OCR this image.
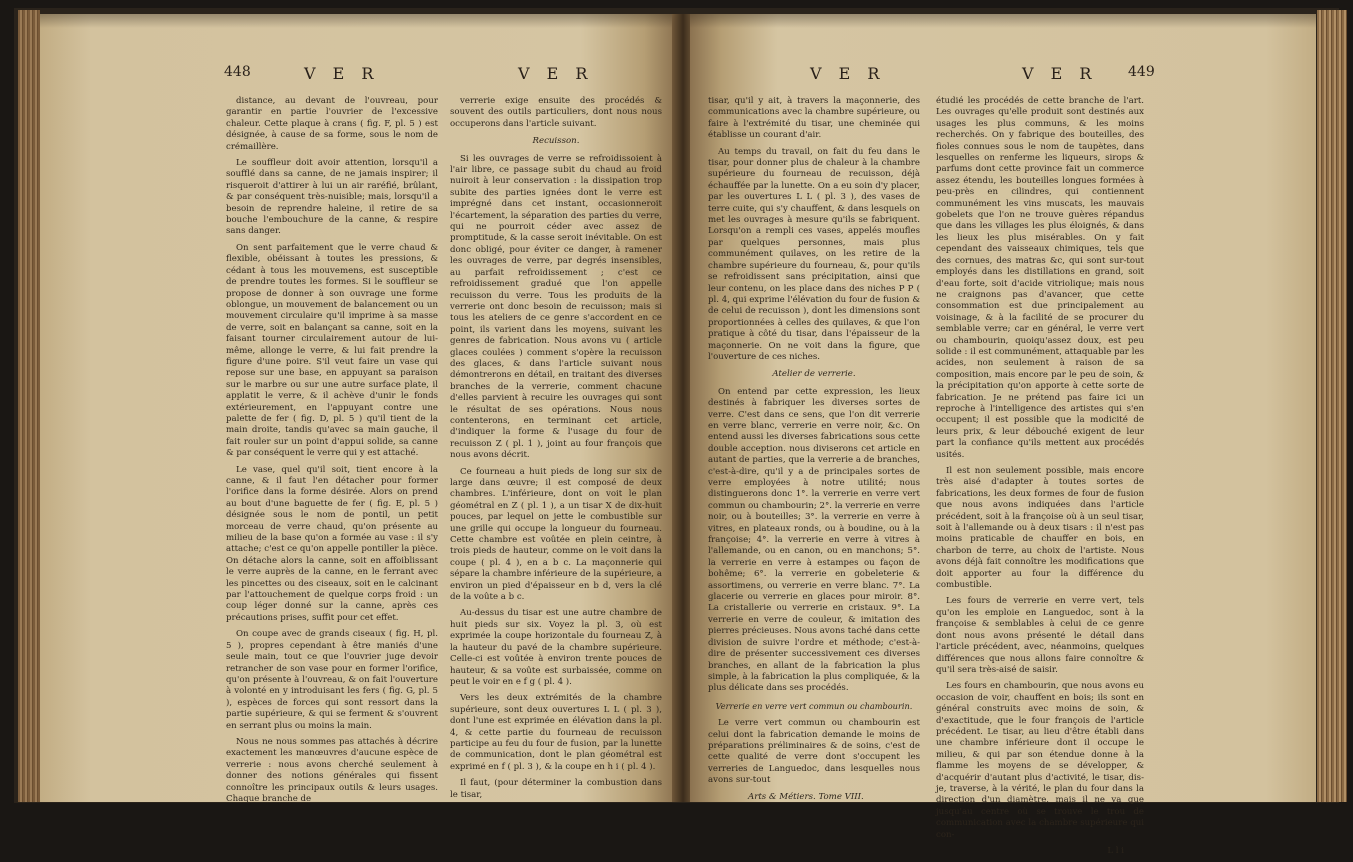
448	V E R	V E R

distance, au devant de l'ouvreau, pour garantir en partie l'ouvrier de l'excessive chaleur. Cette plaque à crans ( fig. F, pl. 5 ) est désignée, à cause de sa forme, sous le nom de crémaillère.

Le souffleur doit avoir attention, lorsqu'il a soufflé dans sa canne, de ne jamais inspirer; il risqueroit d'attirer à lui un air raréfié, brûlant, & par conséquent très-nuisible; mais, lorsqu'il a besoin de reprendre haleine, il retire de sa bouche l'embouchure de la canne, & respire sans danger.

On sent parfaitement que le verre chaud & flexible, obéissant à toutes les pressions, & cédant à tous les mouvemens, est susceptible de prendre toutes les formes. Si le souffleur se propose de donner à son ouvrage une forme oblongue, un mouvement de balancement ou un mouvement circulaire qu'il imprime à sa masse de verre, soit en balançant sa canne, soit en la faisant tourner circulairement autour de lui-même, allonge le verre, & lui fait prendre la figure d'une poire. S'il veut faire un vase qui repose sur une base, en appuyant sa paraison sur le marbre ou sur une autre surface plate, il applatit le verre, & il achève d'unir le fonds extérieurement, en l'appuyant contre une palette de fer ( fig. D, pl. 5 ) qu'il tient de la main droite, tandis qu'avec sa main gauche, il fait rouler sur un point d'appui solide, sa canne & par conséquent le verre qui y est attaché.

Le vase, quel qu'il soit, tient encore à la canne, & il faut l'en détacher pour former l'orifice dans la forme désirée. Alors on prend au bout d'une baguette de fer ( fig. E, pl. 5 ) désignée sous le nom de pontil, un petit morceau de verre chaud, qu'on présente au milieu de la base qu'on a formée au vase : il s'y attache; c'est ce qu'on appelle pontiller la pièce. On détache alors la canne, soit en affoiblissant le verre auprès de la canne, en le ferrant avec les pincettes ou des ciseaux, soit en le calcinant par l'attouchement de quelque corps froid : un coup léger donné sur la canne, après ces précautions prises, suffit pour cet effet.

On coupe avec de grands ciseaux ( fig. H, pl. 5 ), propres cependant à être maniés d'une seule main, tout ce que l'ouvrier juge devoir retrancher de son vase pour en former l'orifice, qu'on présente à l'ouvreau, & on fait l'ouverture à volonté en y introduisant les fers ( fig. G, pl. 5 ), espèces de forces qui sont ressort dans la partie supérieure, & qui se ferment & s'ouvrent en serrant plus ou moins la main.

Nous ne nous sommes pas attachés à décrire exactement les manœuvres d'aucune espèce de verrerie : nous avons cherché seulement à donner des notions générales qui fissent connoître les principaux outils & leurs usages. Chaque branche de

verrerie exige ensuite des procédés & souvent des outils particuliers, dont nous nous occuperons dans l'article suivant.

Recuisson.

Si les ouvrages de verre se refroidissoient à l'air libre, ce passage subit du chaud au froid nuiroit à leur conservation : la dissipation trop subite des parties ignées dont le verre est imprégné dans cet instant, occasionneroit l'écartement, la séparation des parties du verre, qui ne pourroit céder avec assez de promptitude, & la casse seroit inévitable. On est donc obligé, pour éviter ce danger, à ramener les ouvrages de verre, par degrés insensibles, au parfait refroidissement ; c'est ce refroidissement gradué que l'on appelle recuisson du verre. Tous les produits de la verrerie ont donc besoin de recuisson; mais si tous les ateliers de ce genre s'accordent en ce point, ils varient dans les moyens, suivant les genres de fabrication. Nous avons vu ( article glaces coulées ) comment s'opère la recuisson des glaces, & dans l'article suivant nous démontrerons en détail, en traitant des diverses branches de la verrerie, comment chacune d'elles parvient à recuire les ouvrages qui sont le résultat de ses opérations. Nous nous contenterons, en terminant cet article, d'indiquer la forme & l'usage du four de recuisson Z ( pl. 1 ), joint au four françois que nous avons décrit.

Ce fourneau a huit pieds de long sur six de large dans œuvre; il est composé de deux chambres. L'inférieure, dont on voit le plan géométral en Z ( pl. 1 ), a un tisar X de dix-huit pouces, par lequel on jette le combustible sur une grille qui occupe la longueur du fourneau. Cette chambre est voûtée en plein ceintre, à trois pieds de hauteur, comme on le voit dans la coupe ( pl. 4 ), en a b c. La maçonnerie qui sépare la chambre inférieure de la supérieure, a environ un pied d'épaisseur en b d, vers la clé de la voûte a b c.

Au-dessus du tisar est une autre chambre de huit pieds sur six. Voyez la pl. 3, où est exprimée la coupe horizontale du fourneau Z, à la hauteur du pavé de la chambre supérieure. Celle-ci est voûtée à environ trente pouces de hauteur, & sa voûte est surbaissée, comme on peut le voir en e f g ( pl. 4 ).

Vers les deux extrémités de la chambre supérieure, sont deux ouvertures L L ( pl. 3 ), dont l'une est exprimée en élévation dans la pl. 4, & cette partie du fourneau de recuisson participe au feu du four de fusion, par la lunette de communication, dont le plan géométral est exprimé en f ( pl. 3 ), & la coupe en h i ( pl. 4 ).

Il faut, (pour déterminer la combustion dans le tisar,

V E R	V E R 449

tisar, qu'il y ait, à travers la maçonnerie, des communications avec la chambre supérieure, ou faire à l'extrémité du tisar, une cheminée qui établisse un courant d'air.

Au temps du travail, on fait du feu dans le tisar, pour donner plus de chaleur à la chambre supérieure du fourneau de recuisson, déjà échauffée par la lunette. On a eu soin d'y placer, par les ouvertures L L ( pl. 3 ), des vases de terre cuite, qui s'y chauffent, & dans lesquels on met les ouvrages à mesure qu'ils se fabriquent. Lorsqu'on a rempli ces vases, appelés moufles par quelques personnes, mais plus communément quilaves, on les retire de la chambre supérieure du fourneau, &, pour qu'ils se refroidissent sans précipitation, ainsi que leur contenu, on les place dans des niches P P ( pl. 4, qui exprime l'élévation du four de fusion & de celui de recuisson ), dont les dimensions sont proportionnées à celles des quilaves, & que l'on pratique à côté du tisar, dans l'épaisseur de la maçonnerie. On ne voit dans la figure, que l'ouverture de ces niches.

Atelier de verrerie.

On entend par cette expression, les lieux destinés à fabriquer les diverses sortes de verre. C'est dans ce sens, que l'on dit verrerie en verre blanc, verrerie en verre noir, &c. On entend aussi les diverses fabrications sous cette double acception. nous diviserons cet article en autant de parties, que la verrerie a de branches, c'est-à-dire, qu'il y a de principales sortes de verre employées à notre utilité; nous distinguerons donc 1°. la verrerie en verre vert commun ou chambourin; 2°. la verrerie en verre noir, ou à bouteilles; 3°. la verrerie en verre à vitres, en plateaux ronds, ou à boudine, ou à la françoise; 4°. la verrerie en verre à vitres à l'allemande, ou en canon, ou en manchons; 5°. la verrerie en verre à estampes ou façon de bohême; 6°. la verrerie en gobeleterie & assortimens, ou verrerie en verre blanc. 7°. La glacerie ou verrerie en glaces pour miroir. 8°. La cristallerie ou verrerie en cristaux. 9°. La verrerie en verre de couleur, & imitation des pierres précieuses. Nous avons taché dans cette division de suivre l'ordre et méthode; c'est-à-dire de présenter successivement ces diverses branches, en allant de la fabrication la plus simple, à la fabrication la plus compliquée, & la plus délicate dans ses procédés.

Verrerie en verre vert commun ou chambourin.

Le verre vert commun ou chambourin est celui dont la fabrication demande le moins de préparations préliminaires & de soins, c'est de cette qualité de verre dont s'occupent les verreries de Languedoc, dans lesquelles nous avons sur-tout

Arts & Métiers. Tome VIII.

étudié les procédés de cette branche de l'art. Les ouvrages qu'elle produit sont destinés aux usages les plus communs, & les moins recherchés. On y fabrique des bouteilles, des fioles connues sous le nom de taupètes, dans lesquelles on renferme les liqueurs, sirops & parfums dont cette province fait un commerce assez étendu, les bouteilles longues formées à peu-près en cilindres, qui contiennent communément les vins muscats, les mauvais gobelets que l'on ne trouve guères répandus que dans les villages les plus éloignés, & dans les lieux les plus misérables. On y fait cependant des vaisseaux chimiques, tels que des cornues, des matras &c, qui sont sur-tout employés dans les distillations en grand, soit d'eau forte, soit d'acide vitriolique; mais nous ne craignons pas d'avancer, que cette consommation est due principalement au voisinage, & à la facilité de se procurer du semblable verre; car en général, le verre vert ou chambourin, quoiqu'assez doux, est peu solide : il est communément, attaquable par les acides, non seulement à raison de sa composition, mais encore par le peu de soin, & la précipitation qu'on apporte à cette sorte de fabrication. Je ne prétend pas faire ici un reproche à l'intelligence des artistes qui s'en occupent; il est possible que la modicité de leurs prix, & leur débouché exigent de leur part la confiance qu'ils mettent aux procédés usités.

Il est non seulement possible, mais encore très aisé d'adapter à toutes sortes de fabrications, les deux formes de four de fusion que nous avons indiquées dans l'article précédent, soit à la françoise où à un seul tisar, soit à l'allemande ou à deux tisars : il n'est pas moins praticable de chauffer en bois, en charbon de terre, au choix de l'artiste. Nous avons déjà fait connoître les modifications que doit apporter au four la différence du combustible.

Les fours de verrerie en verre vert, tels qu'on les emploie en Languedoc, sont à la françoise & semblables à celui de ce genre dont nous avons présenté le détail dans l'article précédent, avec, néanmoins, quelques différences que nous allons faire connoître & qu'il sera très-aisé de saisir.

Les fours en chambourin, que nous avons eu occasion de voir, chauffent en bois; ils sont en général construits avec moins de soin, & d'exactitude, que le four françois de l'article précédent. Le tisar, au lieu d'être établi dans une chambre inférieure dont il occupe le milieu, & qui par son étendue donne à la flamme les moyens de se développer, & d'acquérir d'autant plus d'activité, le tisar, dis-je, traverse, à la vérité, le plan du four dans la direction d'un diamètre, mais il ne va que jusqu'au centre où se trouve le trou de communication avec la chambre supérieure qui con-

L l i
